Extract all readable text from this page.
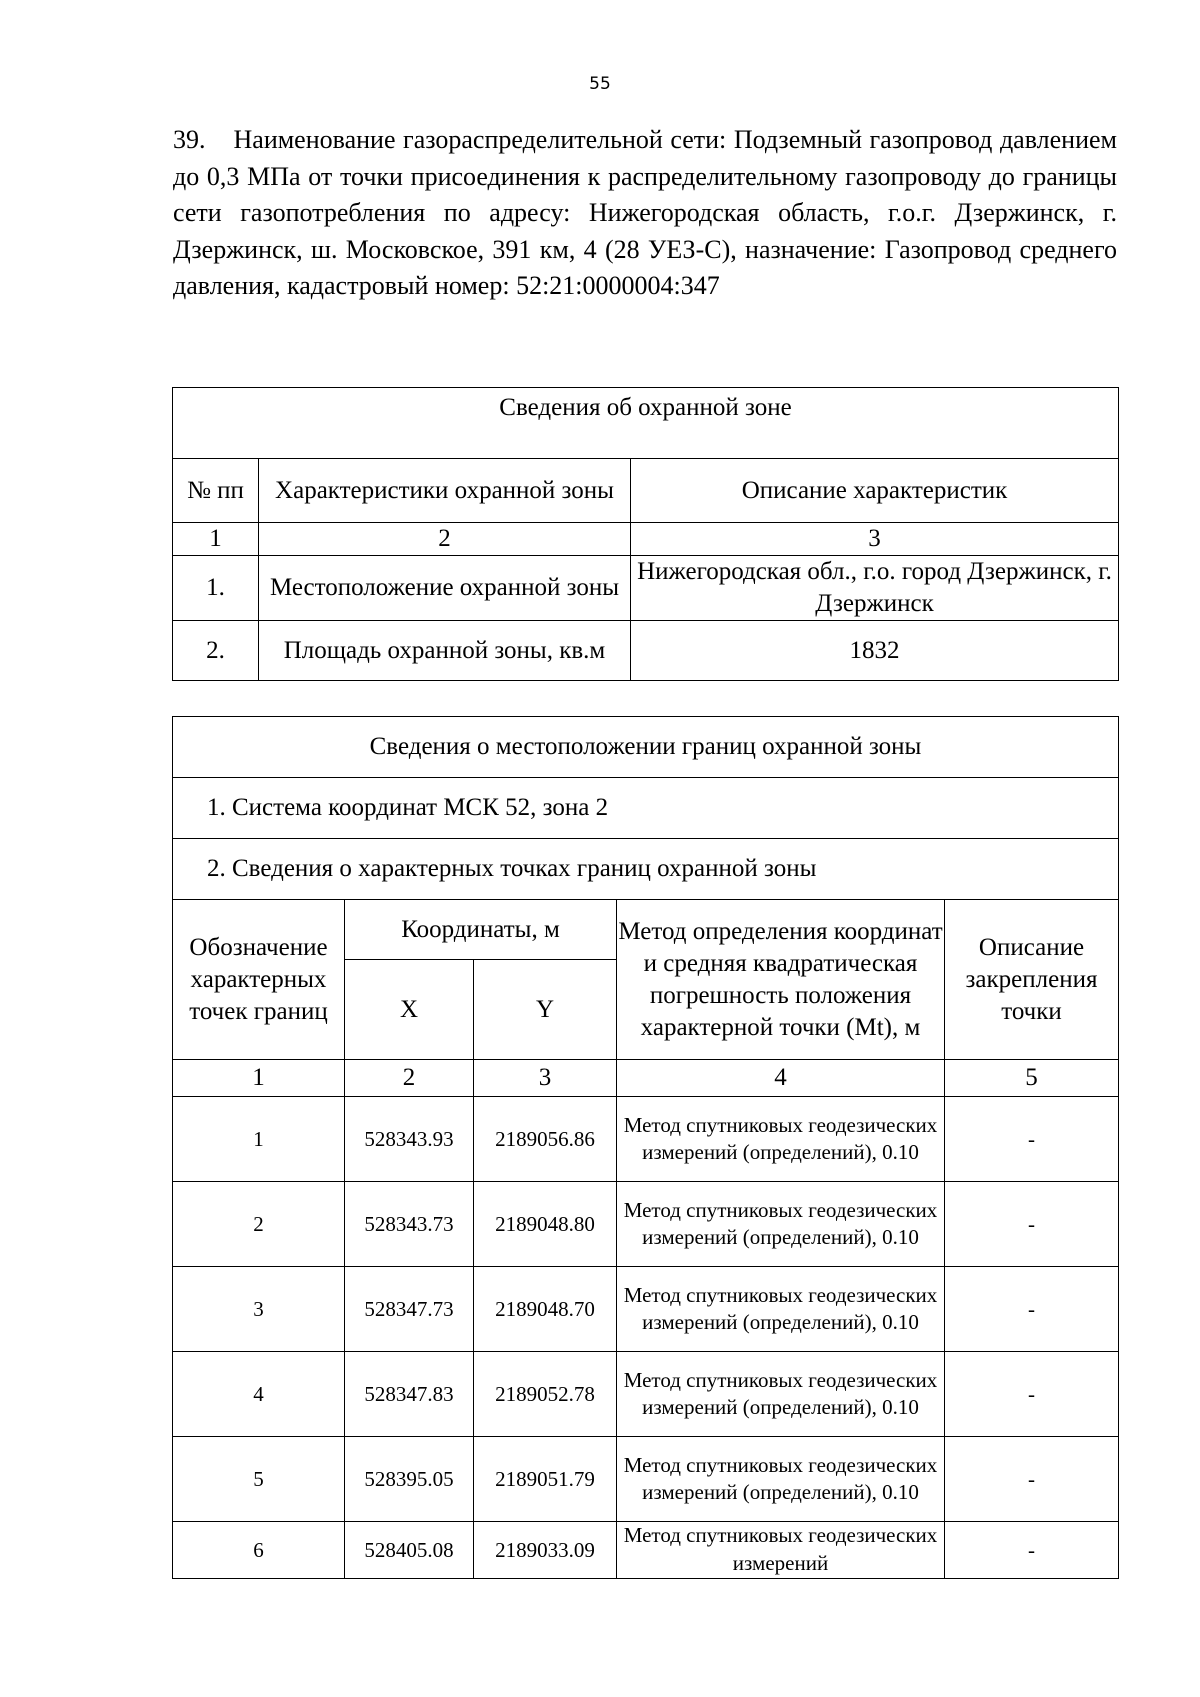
55
39. Наименование газораспределительной сети: Подземный газопровод давлением до 0,3 МПа от точки присоединения к распределительному газопроводу до границы сети газопотребления по адресу: Нижегородская область, г.о.г. Дзержинск, г. Дзержинск, ш. Московское, 391 км, 4 (28 УЕЗ-С), назначение: Газопровод среднего давления, кадастровый номер: 52:21:0000004:347
Сведения об охранной зоне		
№ пп	Характеристики охранной зоны	Описание характеристик
1	2	3
1.	Местоположение охранной зоны	Нижегородская обл., г.о. город Дзержинск, г. Дзержинск
2.	Площадь охранной зоны, кв.м	1832
Сведения о местоположении границ охранной зоны				
1. Система координат МСК 52, зона 2				
2. Сведения о характерных точках границ охранной зоны				
Обозначение характерных точек границ	Координаты, м		Метод определения координат и средняя квадратическая погрешность положения характерной точки (Mt), м	Описание закрепления точки
	X	Y		
1	2	3	4	5
1	528343.93	2189056.86	Метод спутниковых геодезических измерений (определений), 0.10	-
2	528343.73	2189048.80	Метод спутниковых геодезических измерений (определений), 0.10	-
3	528347.73	2189048.70	Метод спутниковых геодезических измерений (определений), 0.10	-
4	528347.83	2189052.78	Метод спутниковых геодезических измерений (определений), 0.10	-
5	528395.05	2189051.79	Метод спутниковых геодезических измерений (определений), 0.10	-
6	528405.08	2189033.09	Метод спутниковых геодезических измерений	-
